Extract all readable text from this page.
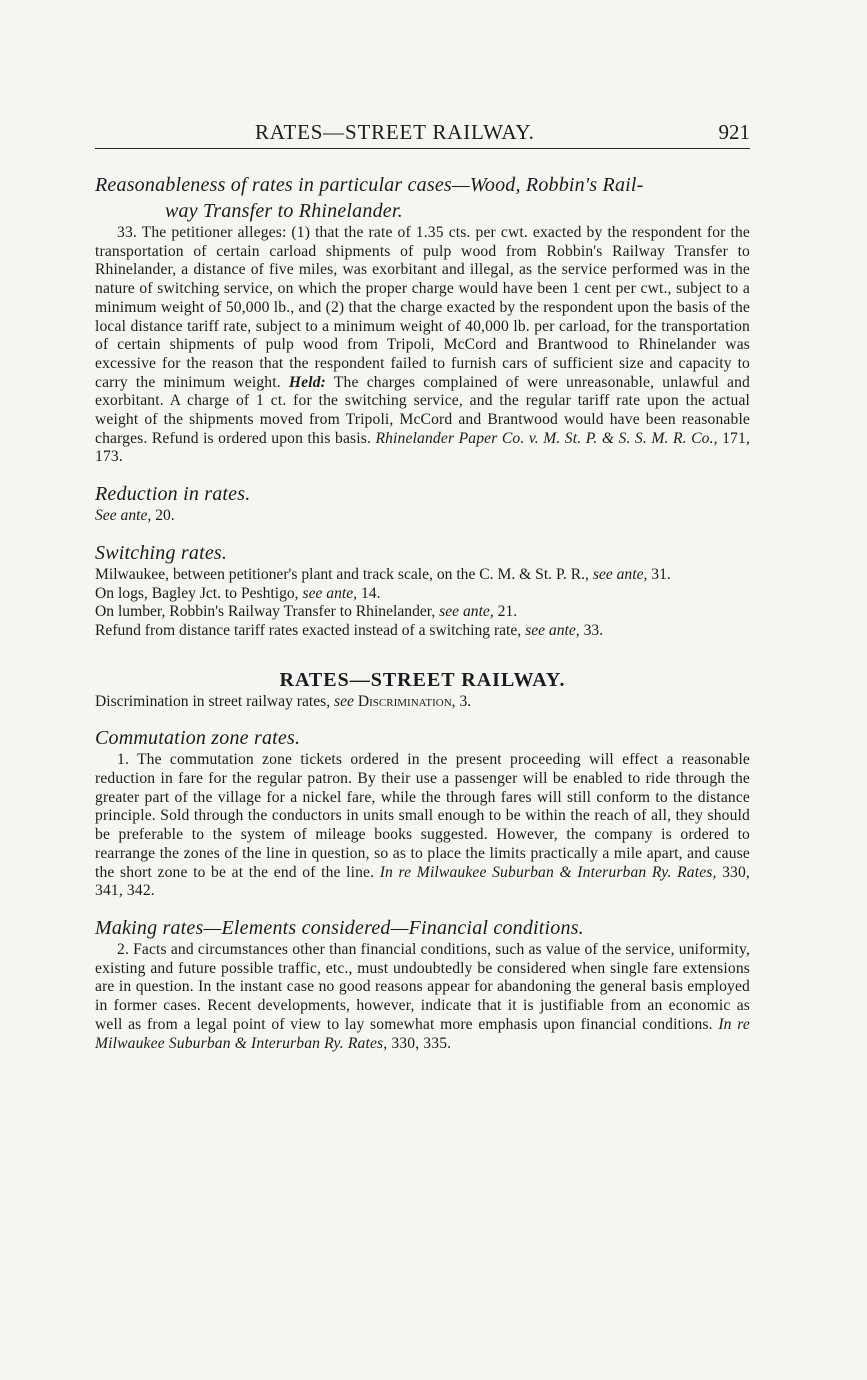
RATES—STREET RAILWAY.	921
Reasonableness of rates in particular cases—Wood, Robbin's Rail-
way Transfer to Rhinelander.

33. The petitioner alleges: (1) that the rate of 1.35 cts. per cwt. exacted by the respondent for the transportation of certain carload shipments of pulp wood from Robbin's Railway Transfer to Rhinelander, a distance of five miles, was exorbitant and illegal, as the service performed was in the nature of switching service, on which the proper charge would have been 1 cent per cwt., subject to a minimum weight of 50,000 lb., and (2) that the charge exacted by the respondent upon the basis of the local distance tariff rate, subject to a minimum weight of 40,000 lb. per carload, for the transportation of certain shipments of pulp wood from Tripoli, McCord and Brantwood to Rhinelander was excessive for the reason that the respondent failed to furnish cars of sufficient size and capacity to carry the minimum weight. Held: The charges complained of were unreasonable, unlawful and exorbitant. A charge of 1 ct. for the switching service, and the regular tariff rate upon the actual weight of the shipments moved from Tripoli, McCord and Brantwood would have been reasonable charges. Refund is ordered upon this basis. Rhinelander Paper Co. v. M. St. P. & S. S. M. R. Co., 171, 173.

Reduction in rates.

See ante, 20.

Switching rates.

Milwaukee, between petitioner's plant and track scale, on the C. M. & St. P. R., see ante, 31.

On logs, Bagley Jct. to Peshtigo, see ante, 14.

On lumber, Robbin's Railway Transfer to Rhinelander, see ante, 21.

Refund from distance tariff rates exacted instead of a switching rate, see ante, 33.

RATES—STREET RAILWAY.

Discrimination in street railway rates, see Discrimination, 3.

Commutation zone rates.

1. The commutation zone tickets ordered in the present proceeding will effect a reasonable reduction in fare for the regular patron. By their use a passenger will be enabled to ride through the greater part of the village for a nickel fare, while the through fares will still conform to the distance principle. Sold through the conductors in units small enough to be within the reach of all, they should be preferable to the system of mileage books suggested. However, the company is ordered to rearrange the zones of the line in question, so as to place the limits practically a mile apart, and cause the short zone to be at the end of the line. In re Milwaukee Suburban & Interurban Ry. Rates, 330, 341, 342.

Making rates—Elements considered—Financial conditions.

2. Facts and circumstances other than financial conditions, such as value of the service, uniformity, existing and future possible traffic, etc., must undoubtedly be considered when single fare extensions are in question. In the instant case no good reasons appear for abandoning the general basis employed in former cases. Recent developments, however, indicate that it is justifiable from an economic as well as from a legal point of view to lay somewhat more emphasis upon financial conditions. In re Milwaukee Suburban & Interurban Ry. Rates, 330, 335.
